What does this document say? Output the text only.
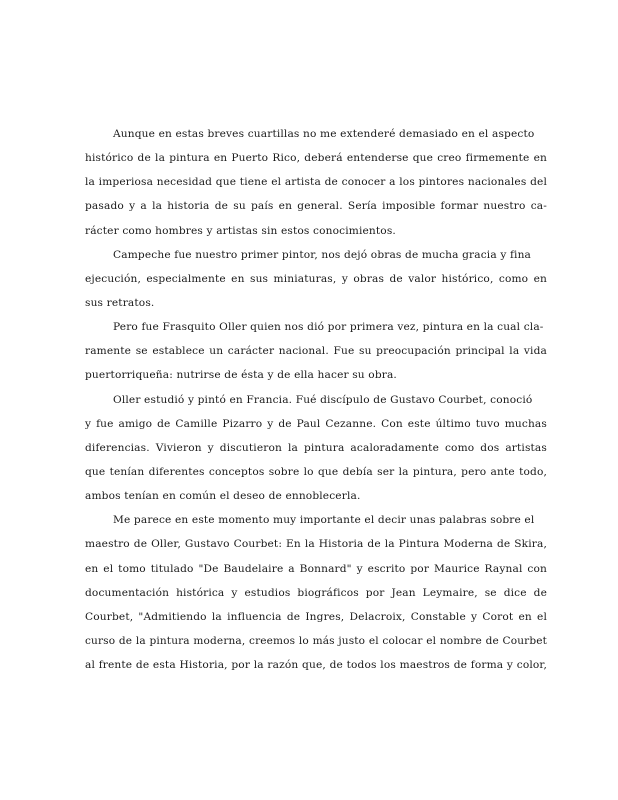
Aunque en estas breves cuartillas no me extenderé demasiado en el aspecto
histórico de la pintura en Puerto Rico, deberá entenderse que creo firmemente en
la imperiosa necesidad que tiene el artista de conocer a los pintores nacionales del
pasado y a la historia de su país en general. Sería imposible formar nuestro ca-
rácter como hombres y artistas sin estos conocimientos.
Campeche fue nuestro primer pintor, nos dejó obras de mucha gracia y fina
ejecución, especialmente en sus miniaturas, y obras de valor histórico, como en
sus retratos.
Pero fue Frasquito Oller quien nos dió por primera vez, pintura en la cual cla-
ramente se establece un carácter nacional. Fue su preocupación principal la vida
puertorriqueña: nutrirse de ésta y de ella hacer su obra.
Oller estudió y pintó en Francia. Fué discípulo de Gustavo Courbet, conoció
y fue amigo de Camille Pizarro y de Paul Cezanne. Con este último tuvo muchas
diferencias. Vivieron y discutieron la pintura acaloradamente como dos artistas
que tenían diferentes conceptos sobre lo que debía ser la pintura, pero ante todo,
ambos tenían en común el deseo de ennoblecerla.
Me parece en este momento muy importante el decir unas palabras sobre el
maestro de Oller, Gustavo Courbet: En la Historia de la Pintura Moderna de Skira,
en el tomo titulado "De Baudelaire a Bonnard" y escrito por Maurice Raynal con
documentación histórica y estudios biográficos por Jean Leymaire, se dice de
Courbet, "Admitiendo la influencia de Ingres, Delacroix, Constable y Corot en el
curso de la pintura moderna, creemos lo más justo el colocar el nombre de Courbet
al frente de esta Historia, por la razón que, de todos los maestros de forma y color,
